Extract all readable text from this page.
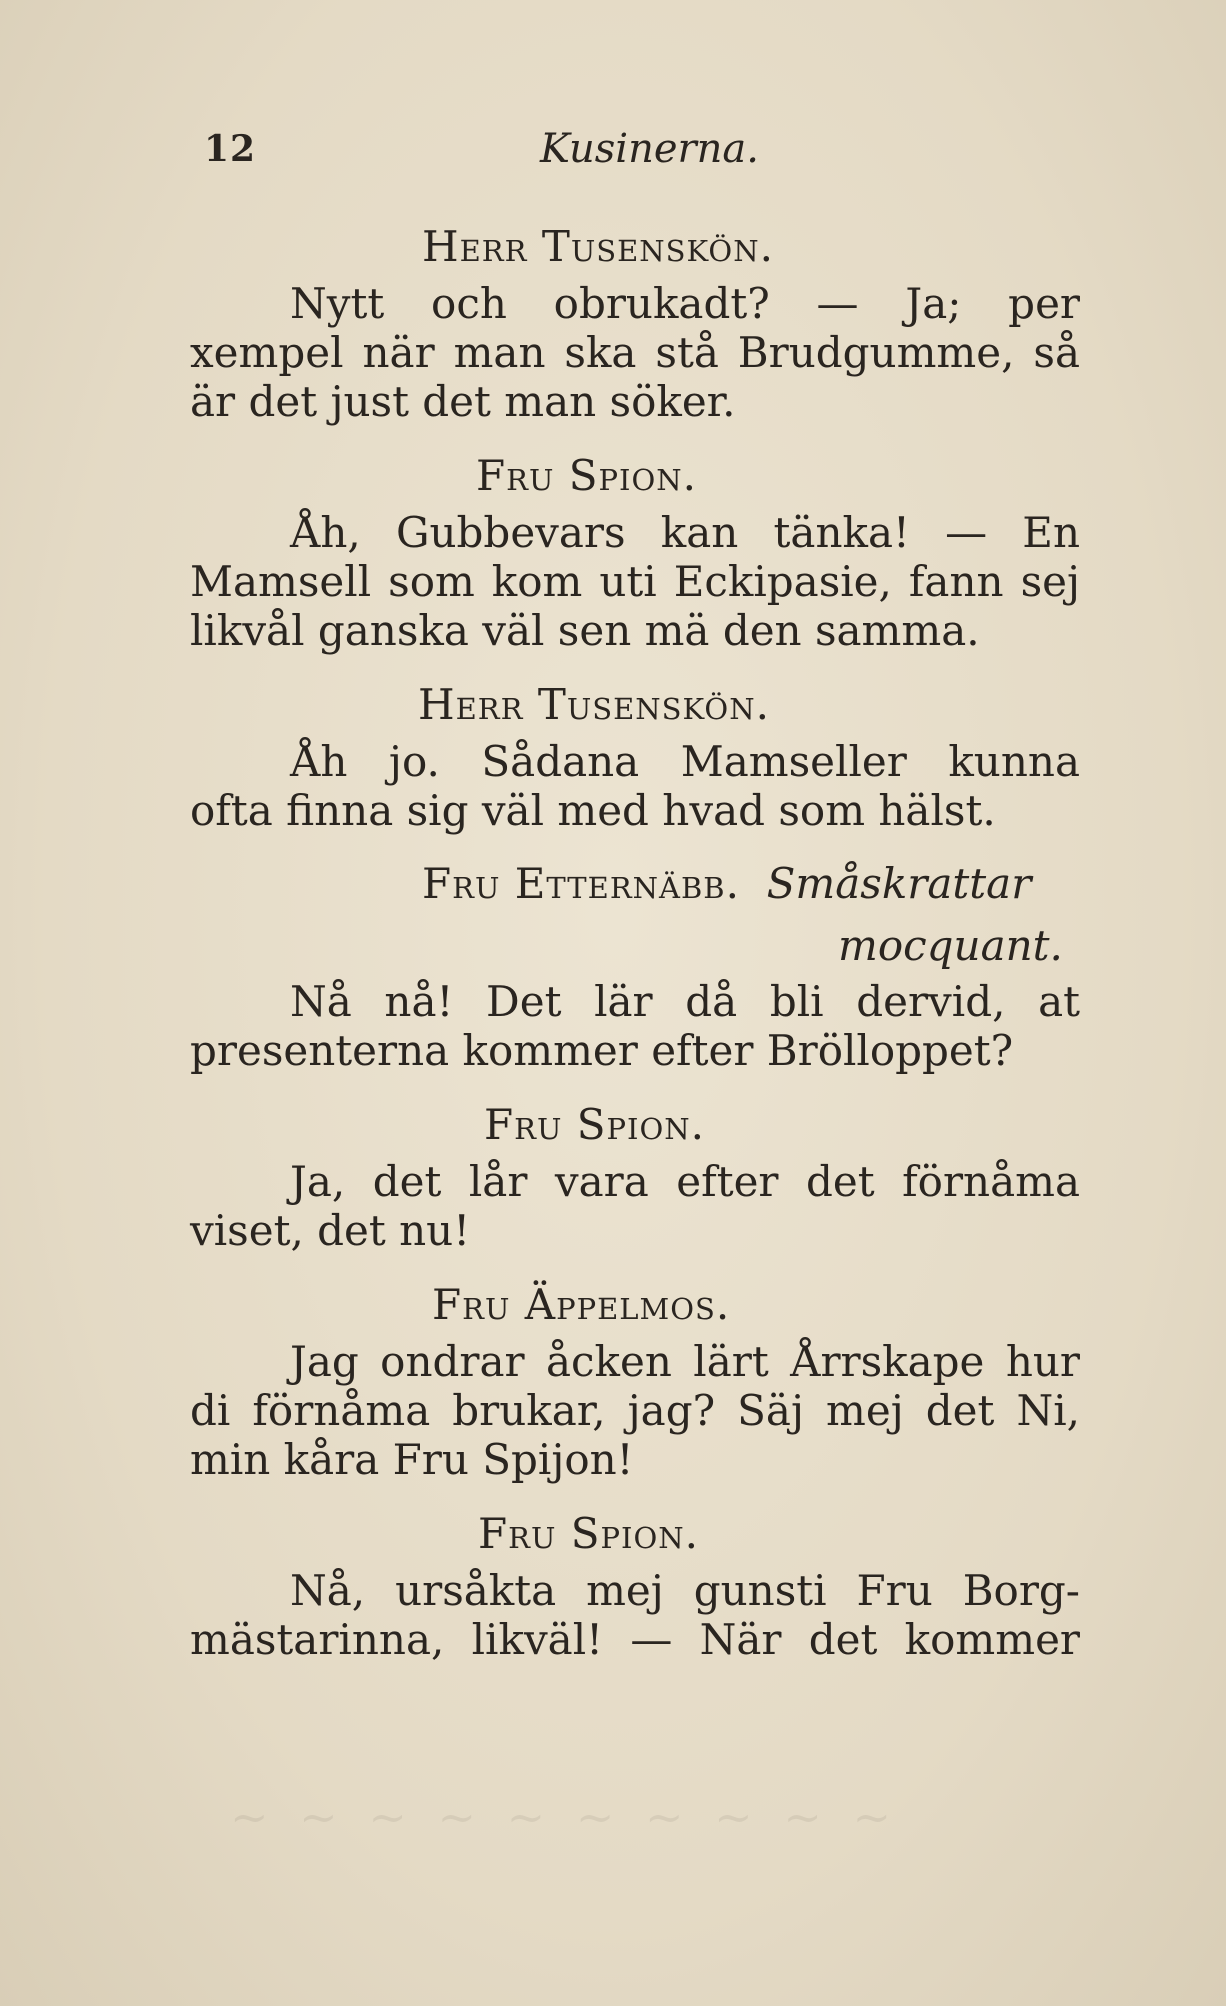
12	Kusinerna.
Herr Tusenskön.
Nytt och obrukadt? — Ja; per
xempel när man ska stå Brudgumme, så
är det just det man söker.
Fru Spion.
Åh, Gubbevars kan tänka! — En
Mamsell som kom uti Eckipasie, fann sej
likvål ganska väl sen mä den samma.
Herr Tusenskön.
Åh jo. Sådana Mamseller kunna
ofta finna sig väl med hvad som hälst.
Fru Etternäbb. Småskrattar
mocquant.
Nå nå! Det lär då bli dervid, at
presenterna kommer efter Brölloppet?
Fru Spion.
Ja, det lår vara efter det förnåma
viset, det nu!
Fru Äppelmos.
Jag ondrar åcken lärt Årrskape hur
di förnåma brukar, jag? Säj mej det Ni,
min kåra Fru Spijon!
Fru Spion.
Nå, ursåkta mej gunsti Fru Borg-
mästarinna, likväl! — När det kommer
~ ~ ~ ~ ~ ~ ~ ~ ~ ~
